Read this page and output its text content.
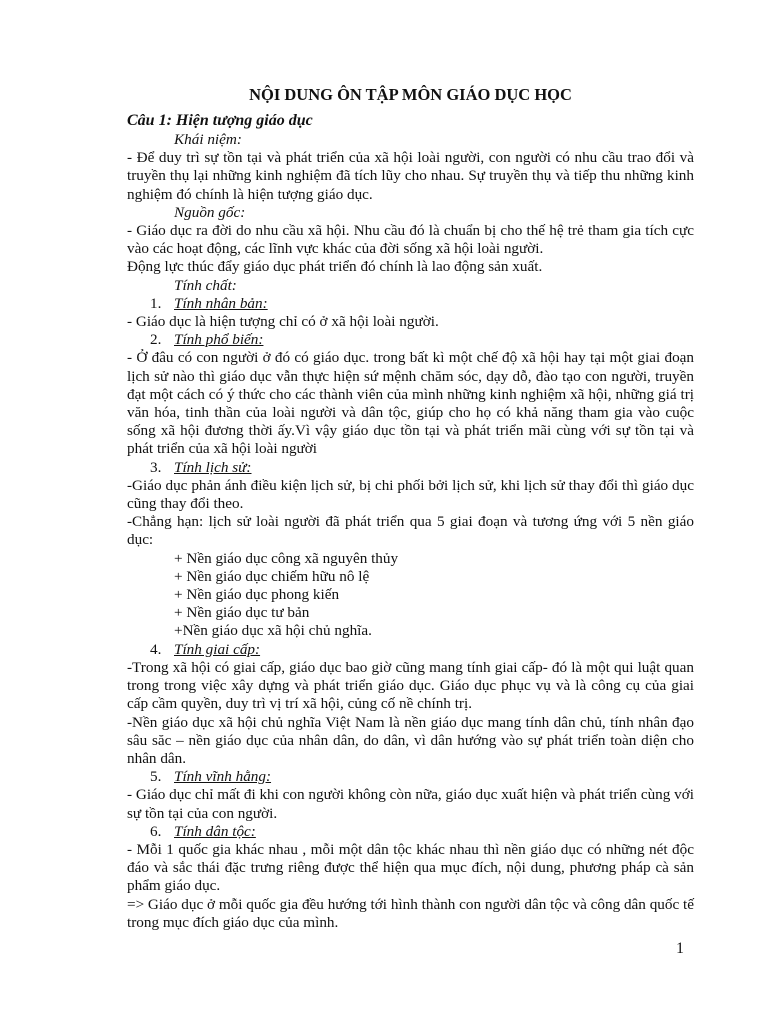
NỘI DUNG ÔN TẬP MÔN GIÁO DỤC HỌC

Câu 1: Hiện tượng giáo dục

Khái niệm:

- Để duy trì sự tồn tại và phát triển của xã hội loài người, con người có nhu cầu trao đổi và truyền thụ lại những kinh nghiệm đã tích lũy cho nhau. Sự truyền thụ và tiếp thu những kinh nghiệm đó chính là hiện tượng giáo dục.

Nguồn gốc:

- Giáo dục ra đời do nhu cầu xã hội. Nhu cầu đó là chuẩn bị cho thế hệ trẻ tham gia tích cực vào các hoạt động, các lĩnh vực khác của đời sống xã hội loài người.

Động lực thúc đẩy giáo dục phát triển đó chính là lao động sản xuất.

Tính chất:

1. Tính nhân bản:

- Giáo dục là hiện tượng chỉ có ở xã hội loài người.

2. Tính phổ biến:

- Ở đâu có con người ở đó có giáo dục. trong bất kì một chế độ xã hội hay tại một giai đoạn lịch sử nào thì giáo dục vẫn thực hiện sứ mệnh chăm sóc, dạy dỗ, đào tạo con người, truyền đạt một cách có ý thức cho các thành viên của mình những kinh nghiệm xã hội, những giá trị văn hóa, tinh thần của loài người và dân tộc, giúp cho họ có khả năng tham gia vào cuộc sống xã hội đương thời ấy.Vì vậy giáo dục tồn tại và phát triển mãi cùng với sự tồn tại và phát triển của xã hội loài người

3. Tính lịch sử:

-Giáo dục phản ánh điều kiện lịch sử, bị chi phối bởi lịch sử, khi lịch sử thay đổi thì giáo dục cũng thay đổi theo.

-Chẳng hạn: lịch sử loài người đã phát triển qua 5 giai đoạn và tương ứng với 5 nền giáo dục:

+ Nền giáo dục công xã nguyên thủy

+ Nền giáo dục chiếm hữu nô lệ

+ Nền giáo dục phong kiến

+ Nền giáo dục tư bản

+Nền giáo dục xã hội chủ nghĩa.

4. Tính giai cấp:

-Trong xã hội có giai cấp, giáo dục bao giờ cũng mang tính giai cấp- đó là một qui luật quan trong trong việc xây dựng và phát triển giáo dục. Giáo dục phục vụ và là công cụ của giai cấp cầm quyền, duy trì vị trí xã hội, củng cố nề chính trị.

-Nền giáo dục xã hội chủ nghĩa Việt Nam là nền giáo dục mang tính dân chủ, tính nhân đạo sâu săc – nền giáo dục của nhân dân, do dân, vì dân hướng vào sự phát triển toàn diện cho nhân dân.

5. Tính vĩnh hằng:

- Giáo dục chỉ mất đi khi con người không còn nữa, giáo dục xuất hiện và phát triển cùng với sự tồn tại của con người.

6. Tính dân tộc:

- Mỗi 1 quốc gia khác nhau , mỗi một dân tộc khác nhau thì nền giáo dục có những nét độc đáo và sắc thái đặc trưng riêng được thể hiện qua mục đích, nội dung, phương pháp cà sản phẩm giáo dục.

=> Giáo dục ở mỗi quốc gia đều hướng tới hình thành con người dân tộc và công dân quốc tế trong mục đích giáo dục của mình.

1
